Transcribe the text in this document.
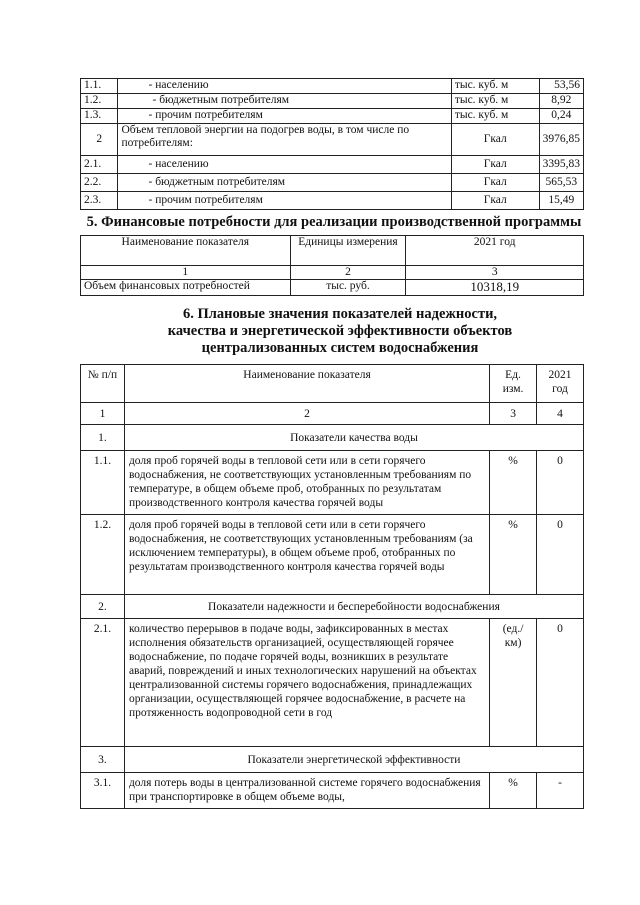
1.1.	- населению	тыс. куб. м	53,56
1.2.	- бюджетным потребителям	тыс. куб. м	8,92
1.3.	- прочим потребителям	тыс. куб. м	0,24
2	Объем тепловой энергии на подогрев воды, в том числе по потребителям:	Гкал	3976,85
2.1.	- населению	Гкал	3395,83
2.2.	- бюджетным потребителям	Гкал	565,53
2.3.	- прочим потребителям	Гкал	15,49
5. Финансовые потребности для реализации производственной программы
Наименование показателя	Единицы измерения	2021 год
1	2	3
Объем финансовых потребностей	тыс. руб.	10318,19
6. Плановые значения показателей надежности,
качества и энергетической эффективности объектов
централизованных систем водоснабжения
№ п/п	Наименование показателя	Ед. изм.	2021 год
1	2	3	4
1.	Показатели качества воды		
1.1.	доля проб горячей воды в тепловой сети или в сети горячего водоснабжения, не соответствующих установленным требованиям по температуре, в общем объеме проб, отобранных по результатам производственного контроля качества горячей воды	%	0
1.2.	доля проб горячей воды в тепловой сети или в сети горячего водоснабжения, не соответствующих установленным требованиям (за исключением температуры), в общем объеме проб, отобранных по результатам производственного контроля качества горячей воды	%	0
2.	Показатели надежности и бесперебойности водоснабжения		
2.1.	количество перерывов в подаче воды, зафиксированных в местах исполнения обязательств организацией, осуществляющей горячее водоснабжение, по подаче горячей воды, возникших в результате аварий, повреждений и иных технологических нарушений на объектах централизованной системы горячего водоснабжения, принадлежащих организации, осуществляющей горячее водоснабжение, в расчете на протяженность водопроводной сети в год	(ед./ км)	0
3.	Показатели энергетической эффективности		
3.1.	доля потерь воды в централизованной системе горячего водоснабжения при транспортировке в общем объеме воды,	%	-
